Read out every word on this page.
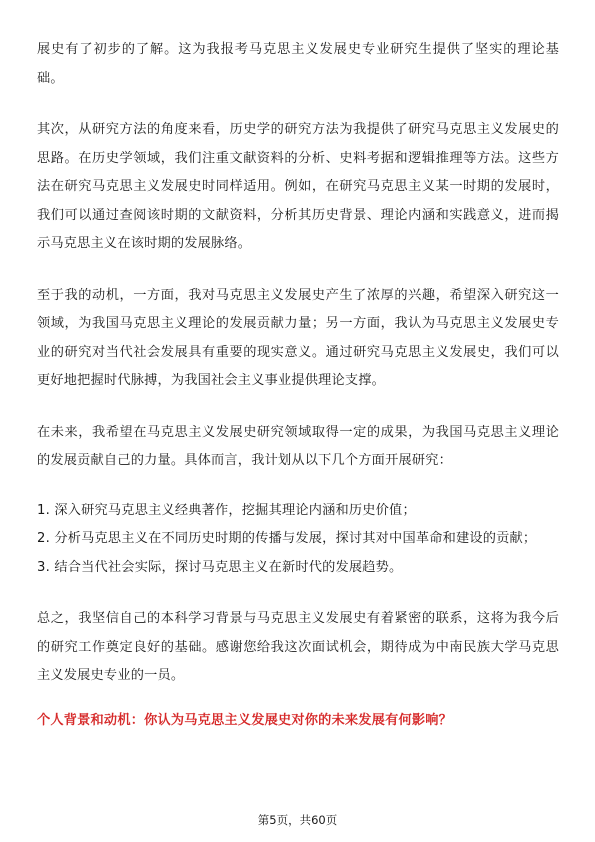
展史有了初步的了解。这为我报考马克思主义发展史专业研究生提供了坚实的理论基础。

其次，从研究方法的角度来看，历史学的研究方法为我提供了研究马克思主义发展史的思路。在历史学领域，我们注重文献资料的分析、史料考据和逻辑推理等方法。这些方法在研究马克思主义发展史时同样适用。例如，在研究马克思主义某一时期的发展时，我们可以通过查阅该时期的文献资料，分析其历史背景、理论内涵和实践意义，进而揭示马克思主义在该时期的发展脉络。

至于我的动机，一方面，我对马克思主义发展史产生了浓厚的兴趣，希望深入研究这一领域，为我国马克思主义理论的发展贡献力量；另一方面，我认为马克思主义发展史专业的研究对当代社会发展具有重要的现实意义。通过研究马克思主义发展史，我们可以更好地把握时代脉搏，为我国社会主义事业提供理论支撑。

在未来，我希望在马克思主义发展史研究领域取得一定的成果，为我国马克思主义理论的发展贡献自己的力量。具体而言，我计划从以下几个方面开展研究：

1. 深入研究马克思主义经典著作，挖掘其理论内涵和历史价值；
2. 分析马克思主义在不同历史时期的传播与发展，探讨其对中国革命和建设的贡献；
3. 结合当代社会实际，探讨马克思主义在新时代的发展趋势。

总之，我坚信自己的本科学习背景与马克思主义发展史有着紧密的联系，这将为我今后的研究工作奠定良好的基础。感谢您给我这次面试机会，期待成为中南民族大学马克思主义发展史专业的一员。

个人背景和动机：你认为马克思主义发展史对你的未来发展有何影响？

第5页，共60页
